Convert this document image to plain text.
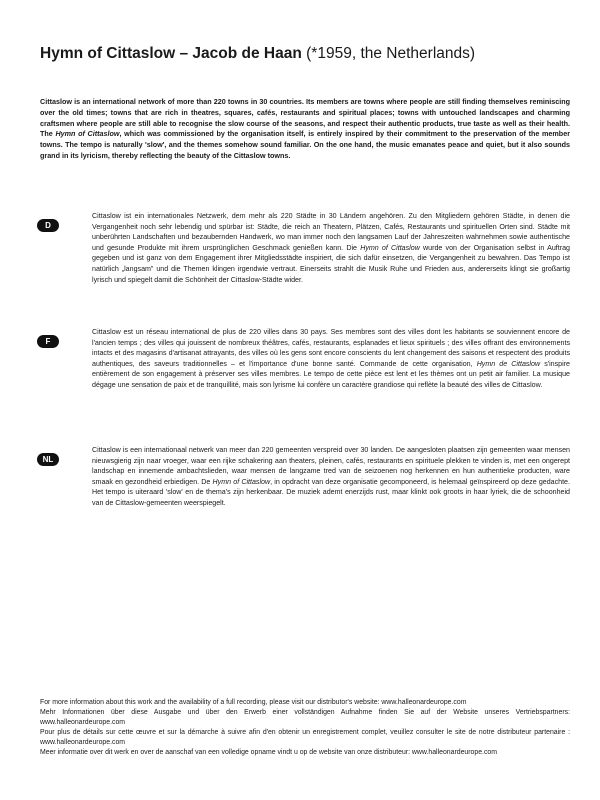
Hymn of Cittaslow – Jacob de Haan (*1959, the Netherlands)

Cittaslow is an international network of more than 220 towns in 30 countries. Its members are towns where people are still finding themselves reminiscing over the old times; towns that are rich in theatres, squares, cafés, restaurants and spiritual places; towns with untouched landscapes and charming craftsmen where people are still able to recognise the slow course of the seasons, and respect their authentic products, true taste as well as their health. The Hymn of Cittaslow, which was commissioned by the organisation itself, is entirely inspired by their commitment to the preservation of the member towns. The tempo is naturally 'slow', and the themes somehow sound familiar. On the one hand, the music emanates peace and quiet, but it also sounds grand in its lyricism, thereby reflecting the beauty of the Cittaslow towns.

D

Cittaslow ist ein internationales Netzwerk, dem mehr als 220 Städte in 30 Ländern angehören. Zu den Mitgliedern gehören Städte, in denen die Vergangenheit noch sehr lebendig und spürbar ist: Städte, die reich an Theatern, Plätzen, Cafés, Restaurants und spirituellen Orten sind. Städte mit unberührten Landschaften und bezaubernden Handwerk, wo man immer noch den langsamen Lauf der Jahreszeiten wahrnehmen sowie authentische und gesunde Produkte mit ihrem ursprünglichen Geschmack genießen kann. Die Hymn of Cittaslow wurde von der Organisation selbst in Auftrag gegeben und ist ganz von dem Engagement ihrer Mitgliedsstädte inspiriert, die sich dafür einsetzen, die Vergangenheit zu bewahren. Das Tempo ist natürlich „langsam" und die Themen klingen irgendwie vertraut. Einerseits strahlt die Musik Ruhe und Frieden aus, andererseits klingt sie großartig lyrisch und spiegelt damit die Schönheit der Cittaslow-Städte wider.

F

Cittaslow est un réseau international de plus de 220 villes dans 30 pays. Ses membres sont des villes dont les habitants se souviennent encore de l'ancien temps ; des villes qui jouissent de nombreux théâtres, cafés, restaurants, esplanades et lieux spirituels ; des villes offrant des environnements intacts et des magasins d'artisanat attrayants, des villes où les gens sont encore conscients du lent changement des saisons et respectent des produits authentiques, des saveurs traditionnelles – et l'importance d'une bonne santé. Commande de cette organisation, Hymn de Cittaslow s'inspire entièrement de son engagement à préserver ses villes membres. Le tempo de cette pièce est lent et les thèmes ont un petit air familier. La musique dégage une sensation de paix et de tranquillité, mais son lyrisme lui confère un caractère grandiose qui reflète la beauté des villes de Cittaslow.

NL

Cittaslow is een internationaal netwerk van meer dan 220 gemeenten verspreid over 30 landen. De aangesloten plaatsen zijn gemeenten waar mensen nieuwsgierig zijn naar vroeger, waar een rijke schakering aan theaters, pleinen, cafés, restaurants en spirituele plekken te vinden is, met een ongerept landschap en innemende ambachtslieden, waar mensen de langzame tred van de seizoenen nog herkennen en hun authentieke producten, ware smaak en gezondheid erbiedigen. De Hymn of Cittaslow, in opdracht van deze organisatie gecomponeerd, is helemaal geïnspireerd op deze gedachte. Het tempo is uiteraard 'slow' en de thema's zijn herkenbaar. De muziek ademt enerzijds rust, maar klinkt ook groots in haar lyriek, die de schoonheid van de Cittaslow-gemeenten weerspiegelt.

For more information about this work and the availability of a full recording, please visit our distributor's website: www.halleonardeurope.com

Mehr Informationen über diese Ausgabe und über den Erwerb einer vollständigen Aufnahme finden Sie auf der Website unseres Vertriebspartners: www.halleonardeurope.com

Pour plus de détails sur cette œuvre et sur la démarche à suivre afin d'en obtenir un enregistrement complet, veuillez consulter le site de notre distributeur partenaire : www.halleonardeurope.com

Meer informatie over dit werk en over de aanschaf van een volledige opname vindt u op de website van onze distributeur: www.halleonardeurope.com
